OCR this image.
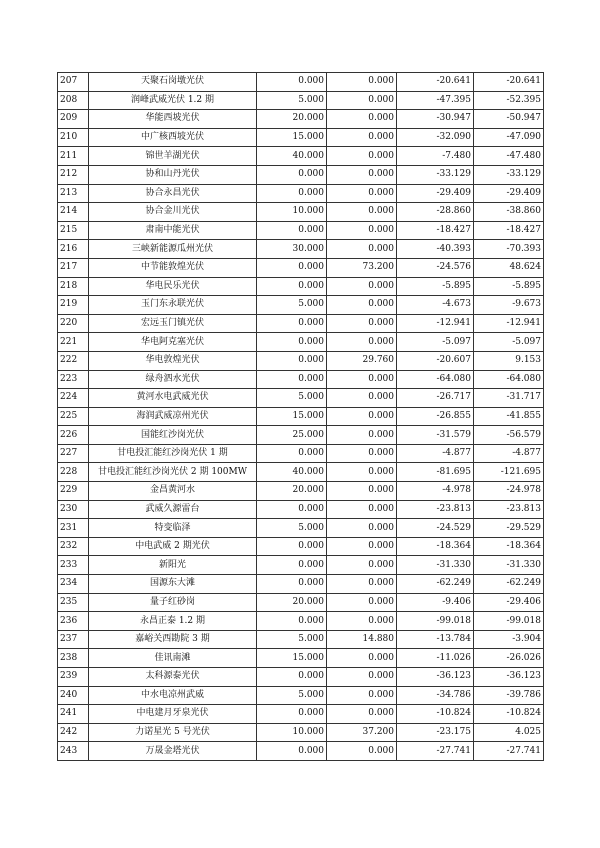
207	天聚石岗墩光伏	0.000	0.000	-20.641	-20.641
208	润峰武威光伏 1.2 期	5.000	0.000	-47.395	-52.395
209	华能西坡光伏	20.000	0.000	-30.947	-50.947
210	中广核西坡光伏	15.000	0.000	-32.090	-47.090
211	锦世羊湖光伏	40.000	0.000	-7.480	-47.480
212	协和山丹光伏	0.000	0.000	-33.129	-33.129
213	协合永昌光伏	0.000	0.000	-29.409	-29.409
214	协合金川光伏	10.000	0.000	-28.860	-38.860
215	肃南中能光伏	0.000	0.000	-18.427	-18.427
216	三峡新能源瓜州光伏	30.000	0.000	-40.393	-70.393
217	中节能敦煌光伏	0.000	73.200	-24.576	48.624
218	华电民乐光伏	0.000	0.000	-5.895	-5.895
219	玉门东永联光伏	5.000	0.000	-4.673	-9.673
220	宏远玉门镇光伏	0.000	0.000	-12.941	-12.941
221	华电阿克塞光伏	0.000	0.000	-5.097	-5.097
222	华电敦煌光伏	0.000	29.760	-20.607	9.153
223	绿舟泗水光伏	0.000	0.000	-64.080	-64.080
224	黄河水电武威光伏	5.000	0.000	-26.717	-31.717
225	海润武威凉州光伏	15.000	0.000	-26.855	-41.855
226	国能红沙岗光伏	25.000	0.000	-31.579	-56.579
227	甘电投汇能红沙岗光伏 1 期	0.000	0.000	-4.877	-4.877
228	甘电投汇能红沙岗光伏 2 期 100MW	40.000	0.000	-81.695	-121.695
229	金昌黄河水	20.000	0.000	-4.978	-24.978
230	武威久源雷台	0.000	0.000	-23.813	-23.813
231	特变临泽	5.000	0.000	-24.529	-29.529
232	中电武威 2 期光伏	0.000	0.000	-18.364	-18.364
233	新阳光	0.000	0.000	-31.330	-31.330
234	国源东大滩	0.000	0.000	-62.249	-62.249
235	量子红砂岗	20.000	0.000	-9.406	-29.406
236	永昌正泰 1.2 期	0.000	0.000	-99.018	-99.018
237	嘉峪关西勘院 3 期	5.000	14.880	-13.784	-3.904
238	佳讯南滩	15.000	0.000	-11.026	-26.026
239	太科源泰光伏	0.000	0.000	-36.123	-36.123
240	中水电凉州武威	5.000	0.000	-34.786	-39.786
241	中电建月牙泉光伏	0.000	0.000	-10.824	-10.824
242	力诺星光 5 号光伏	10.000	37.200	-23.175	4.025
243	万晟金塔光伏	0.000	0.000	-27.741	-27.741
